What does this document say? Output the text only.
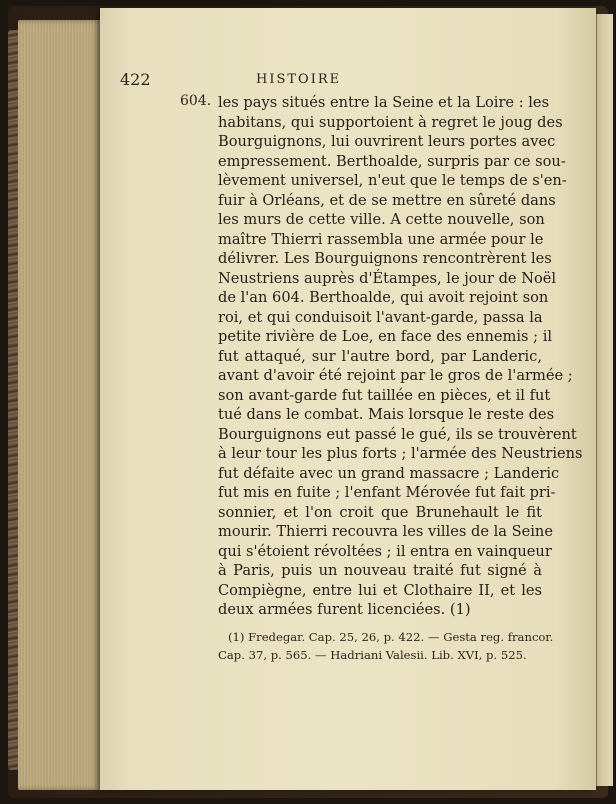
422	HISTOIRE
604. les pays situés entre la Seine et la Loire : les
habitans, qui supportoient à regret le joug des
Bourguignons, lui ouvrirent leurs portes avec
empressement. Berthoalde, surpris par ce sou-
lèvement universel, n'eut que le temps de s'en-
fuir à Orléans, et de se mettre en sûreté dans
les murs de cette ville. A cette nouvelle, son
maître Thierri rassembla une armée pour le
délivrer. Les Bourguignons rencontrèrent les
Neustriens auprès d'Étampes, le jour de Noël
de l'an 604. Berthoalde, qui avoit rejoint son
roi, et qui conduisoit l'avant-garde, passa la
petite rivière de Loe, en face des ennemis ; il
fut attaqué, sur l'autre bord, par Landeric,
avant d'avoir été rejoint par le gros de l'armée ;
son avant-garde fut taillée en pièces, et il fut
tué dans le combat. Mais lorsque le reste des
Bourguignons eut passé le gué, ils se trouvèrent
à leur tour les plus forts ; l'armée des Neustriens
fut défaite avec un grand massacre ; Landeric
fut mis en fuite ; l'enfant Mérovée fut fait pri-
sonnier, et l'on croit que Brunehault le fit
mourir. Thierri recouvra les villes de la Seine
qui s'étoient révoltées ; il entra en vainqueur
à Paris, puis un nouveau traité fut signé à
Compiègne, entre lui et Clothaire II, et les
deux armées furent licenciées. (1)
(1) Fredegar. Cap. 25, 26, p. 422. — Gesta reg. francor.
Cap. 37, p. 565. — Hadriani Valesii. Lib. XVI, p. 525.
